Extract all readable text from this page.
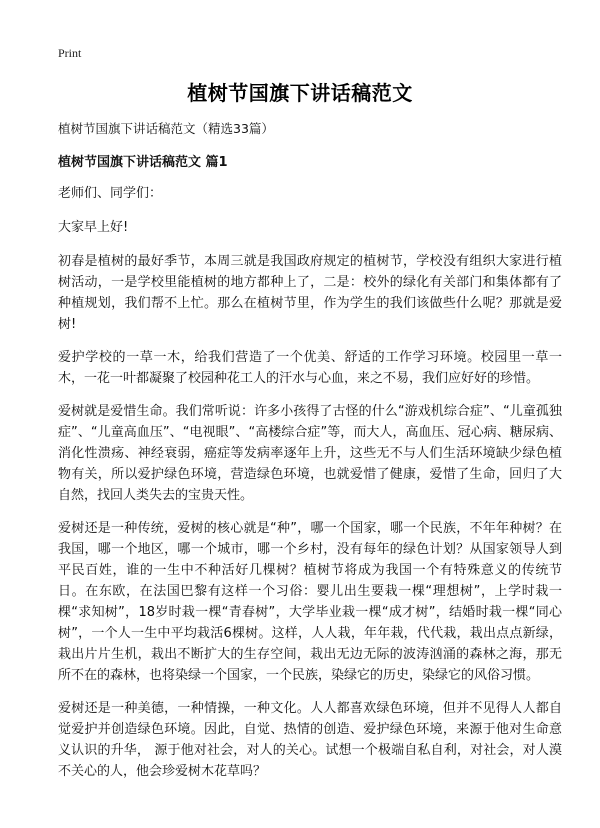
Print
植树节国旗下讲话稿范文

植树节国旗下讲话稿范文（精选33篇）

植树节国旗下讲话稿范文 篇1

老师们、同学们：

大家早上好!

初春是植树的最好季节，本周三就是我国政府规定的植树节，学校没有组织大家进行植树活动，一是学校里能植树的地方都种上了，二是：校外的绿化有关部门和集体都有了种植规划，我们帮不上忙。那么在植树节里，作为学生的我们该做些什么呢？那就是爱树!

爱护学校的一草一木，给我们营造了一个优美、舒适的工作学习环境。校园里一草一木，一花一叶都凝聚了校园种花工人的汗水与心血，来之不易，我们应好好的珍惜。

爱树就是爱惜生命。我们常听说：许多小孩得了古怪的什么“游戏机综合症”、“儿童孤独症”、“儿童高血压”、“电视眼”、“高楼综合症”等，而大人，高血压、冠心病、糖尿病、消化性溃疡、神经衰弱，癌症等发病率逐年上升，这些无不与人们生活环境缺少绿色植物有关，所以爱护绿色环境，营造绿色环境，也就爱惜了健康，爱惜了生命，回归了大自然，找回人类失去的宝贵天性。

爱树还是一种传统，爱树的核心就是“种”，哪一个国家，哪一个民族，不年年种树？在我国，哪一个地区，哪一个城市，哪一个乡村，没有每年的绿色计划？从国家领导人到平民百姓，谁的一生中不种活好几棵树？植树节将成为我国一个有特殊意义的传统节日。在东欧，在法国巴黎有这样一个习俗：婴儿出生要栽一棵“理想树”，上学时栽一棵“求知树”，18岁时栽一棵“青春树”，大学毕业栽一棵“成才树”，结婚时栽一棵“同心树”，一个人一生中平均栽活6棵树。这样，人人栽，年年栽，代代栽，栽出点点新绿，栽出片片生机，栽出不断扩大的生存空间，栽出无边无际的波涛汹涌的森林之海，那无所不在的森林，也将染绿一个国家，一个民族，染绿它的历史，染绿它的风俗习惯。

爱树还是一种美德，一种情操，一种文化。人人都喜欢绿色环境，但并不见得人人都自觉爱护并创造绿色环境。因此，自觉、热情的创造、爱护绿色环境，来源于他对生命意义认识的升华， 源于他对社会，对人的关心。试想一个极端自私自利，对社会，对人漠不关心的人，他会珍爱树木花草吗？
